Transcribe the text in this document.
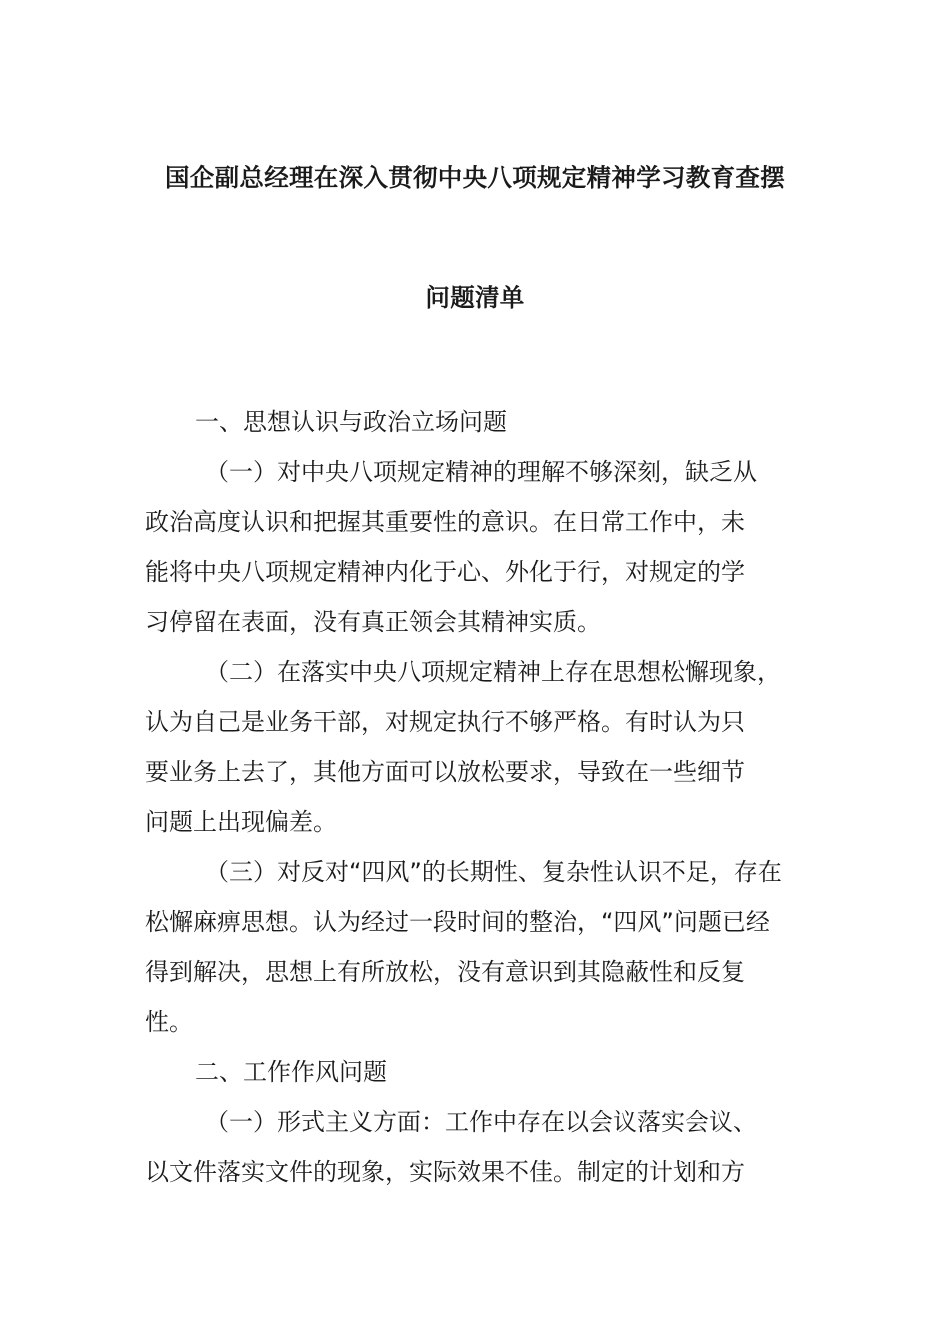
国企副总经理在深入贯彻中央八项规定精神学习教育查摆
问题清单
一、思想认识与政治立场问题

（一）对中央八项规定精神的理解不够深刻，缺乏从
政治高度认识和把握其重要性的意识。在日常工作中，未
能将中央八项规定精神内化于心、外化于行，对规定的学
习停留在表面，没有真正领会其精神实质。

（二）在落实中央八项规定精神上存在思想松懈现象，
认为自己是业务干部，对规定执行不够严格。有时认为只
要业务上去了，其他方面可以放松要求，导致在一些细节
问题上出现偏差。

（三）对反对“四风”的长期性、复杂性认识不足，存在
松懈麻痹思想。认为经过一段时间的整治，“四风”问题已经
得到解决，思想上有所放松，没有意识到其隐蔽性和反复
性。

二、工作作风问题

（一）形式主义方面：工作中存在以会议落实会议、
以文件落实文件的现象，实际效果不佳。制定的计划和方
